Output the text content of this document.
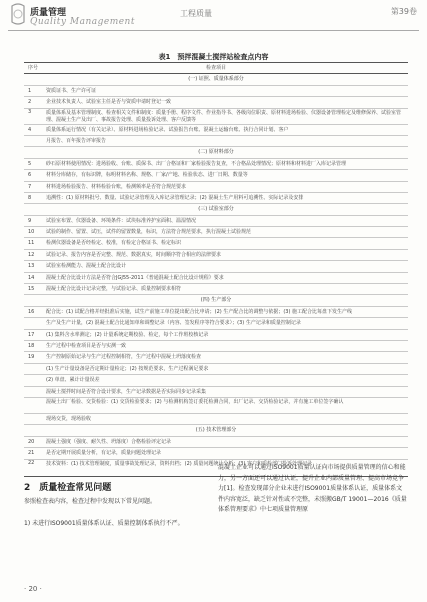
质量管理
Quality Management
工程质量	第39卷
表1　预拌混凝土搅拌站检查点内容
序号	检查项目
(一) 证照、质量体系部分
1	资质证书、生产许可证
2	企业技术负责人、试验室主任是否与资质申请时登记一致
3	质量体系及基本管理制度、检查相关文件和制度：质量手册、程序文件、作业指导书、各级岗位职责、原材料进场检验、仪器设备管理检定及维修保养、试验室管理、混凝土生产及出厂、事故报告处理、质量投诉处理、客户反馈等
4	质量体系运行情况（有关记录）、原材料进场检验记录、试验报告台账、混凝土运输台账、执行合同计划、客户
月报告、百年报告评审报告
(二) 原材料部分
5	砂石原材料使用情况：进场验收、台账、质保书、出厂合格证和厂家检验报告复查，不合格品处理情况；原材料和材料进厂入库记录管理
6	材料分库储存，有标识牌，标明材料名称、规格、厂家/产地、检验状态、进厂日期、数量等
7	材料进场检验报告、材料检验台账，检测频率是否符合规范要求
8	追溯性：(1) 原材料批号、数量、试验记录管理及入库记录管理记录；(2) 混凝土生产用料可追溯性、实际记录及安排
(三) 试验室部分
9	试验室布置、仪器设备、环境条件：试块标准养护室面积、温湿情况
10	试验的制作、留置、试压，试件的留置数量，标识，方法符合规范要求，执行混凝土试验规范
11	检测仪器设备是否经检定、校准，有检定合格证书、检定标识
12	试验记录、报告内容是否完整、规范、数据真实，时间顺序符合相应的法律要求
13	试验室检测能力、混凝土配合比设计
14	混凝土配合比设计方法是否符合JGJ55-2011《普通混凝土配合比设计规程》要求
15	混凝土配合比设计记录完整，与试验记录、质量控制要求相符
(四) 生产部分
16	配合比：(1) 试配合格并经批准后实施，试生产前施工单位提出配合比申请；(2) 生产配合比的调整与依据；(3) 施工配合比每盘下发生产线
生产及生产计量，(2) 混凝土配合比通知单和调整记录（内容、签发程序等符合要求）；(3) 生产记录和质量控制记录
17	(1) 集料含水率测定；(2) 计量系统定期校验、检定，每个工作班校核记录
18	生产过程中检查项目是否与实测一致
19	生产控制原始记录与生产过程控制相符，生产过程中混凝土坍落度检查
(1) 生产计量设备是否定期计量检定；(2) 按规范要求，生产过程满足要求
(2) 单盘、累计计量误差
混凝土搅拌时间是否符合设计要求，生产记录数据是否实际同步记录采集
混凝土出厂检验、交货检验：(1) 交货检验要求；(2) 与检测机构签订委托检测合同，出厂记录、交货检验记录，并有施工单位签字确认
现场交货，现场验收
(五) 技术管理部分
20	混凝土强度（强度、耐久性、坍落度）合格检验评定记录
21	是否定期开展质量分析，有记录，质量问题处理记录
22	技术资料：(1) 技术管理制度，质量事故处理记录，资料归档；(2) 质量问题统计分析；(3) 客户和质检部门投诉处理记录
混凝土企业可以通过ISO9001质量认证向市场提供质量管理的信心和能力，另一方面还可以通过认证，提升企业内部质量管理、提高市场竞争力[1]。检查发现部分企业未进行ISO9001质量体系认证，质量体系文件内容宽泛，缺乏针对性或不完整，未照搬GB/T 19001—2016《质量体系管理要求》中七项质量管理原
2　质量检查常见问题
参照检查表内容，检查过程中发现以下常见问题。
1) 未进行ISO9001质量体系认证、质量控制体系执行不严。
· 20 ·
